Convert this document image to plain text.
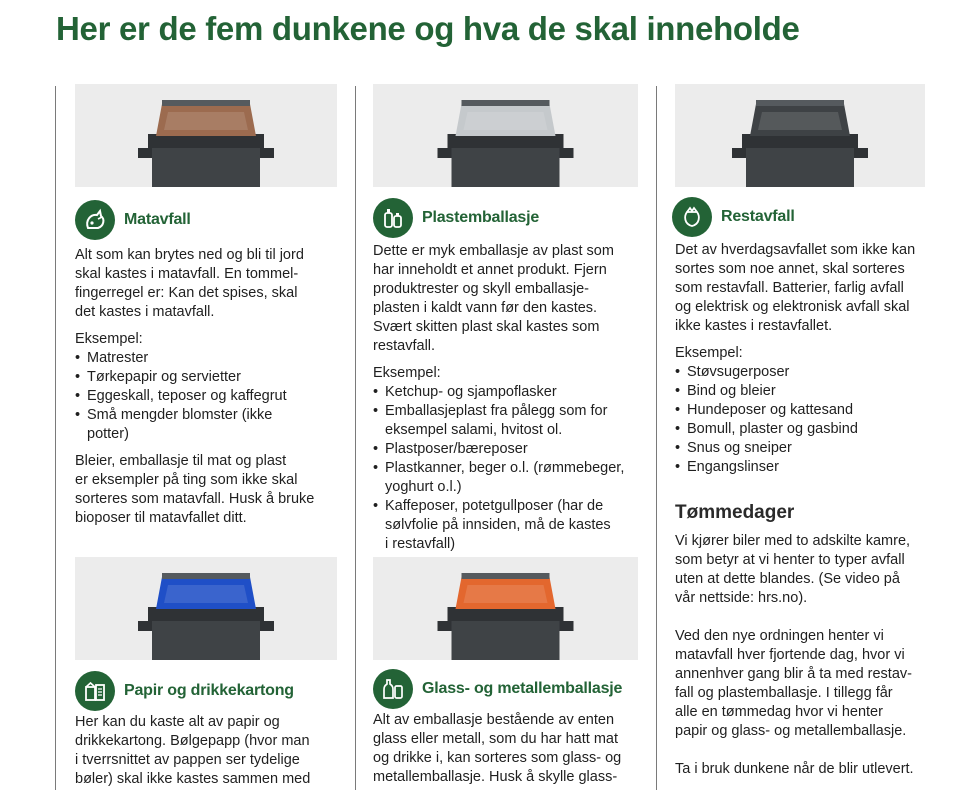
Her er de fem dunkene og hva de skal inneholde
Matavfall

Alt som kan brytes ned og bli til jord
skal kastes i matavfall. En tommel-
fingerregel er: Kan det spises, skal
det kastes i matavfall.

Eksempel:

• Matrester
• Tørkepapir og servietter
• Eggeskall, teposer og kaffegrut
• Små mengder blomster (ikke
potter)

Bleier, emballasje til mat og plast
er eksempler på ting som ikke skal
sorteres som matavfall. Husk å bruke
bioposer til matavfallet ditt.

Plastemballasje

Dette er myk emballasje av plast som
har inneholdt et annet produkt. Fjern
produktrester og skyll emballasje-
plasten i kaldt vann før den kastes.
Svært skitten plast skal kastes som
restavfall.

Eksempel:

• Ketchup- og sjampoflasker
• Emballasjeplast fra pålegg som for
eksempel salami, hvitost ol.
• Plastposer/bæreposer
• Plastkanner, beger o.l. (rømmebeger,
yoghurt o.l.)
• Kaffeposer, potetgullposer (har de
sølvfolie på innsiden, må de kastes
i restavfall)
Restavfall

Det av hverdagsavfallet som ikke kan
sortes som noe annet, skal sorteres
som restavfall. Batterier, farlig avfall
og elektrisk og elektronisk avfall skal
ikke kastes i restavfallet.

Eksempel:

• Støvsugerposer
• Bind og bleier
• Hundeposer og kattesand
• Bomull, plaster og gasbind
• Snus og sneiper
• Engangslinser
Tømmedager

Vi kjører biler med to adskilte kamre,
som betyr at vi henter to typer avfall
uten at dette blandes. (Se video på
vår nettside: hrs.no).

Ved den nye ordningen henter vi
matavfall hver fjortende dag, hvor vi
annenhver gang blir å ta med restav-
fall og plastemballasje. I tillegg får
alle en tømmedag hvor vi henter
papir og glass- og metallemballasje.

Ta i bruk dunkene når de blir utlevert.

Papir og drikkekartong

Her kan du kaste alt av papir og
drikkekartong. Bølgepapp (hvor man
i tverrsnittet av pappen ser tydelige
bøler) skal ikke kastes sammen med

Glass- og metallemballasje

Alt av emballasje bestående av enten
glass eller metall, som du har hatt mat
og drikke i, kan sorteres som glass- og
metallemballasje. Husk å skylle glass-
